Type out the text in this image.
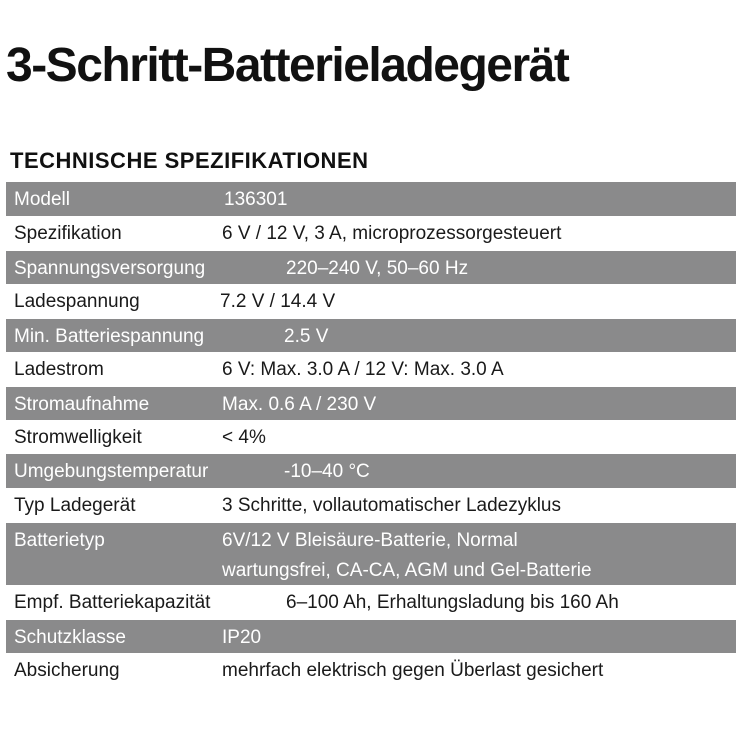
3-Schritt-Batterieladegerät
TECHNISCHE SPEZIFIKATIONEN
Modell	136301
Spezifikation	6 V / 12 V, 3 A, microprozessorgesteuert
Spannungsversorgung	220–240 V, 50–60 Hz
Ladespannung	7.2 V / 14.4 V
Min. Batteriespannung	2.5 V
Ladestrom	6 V: Max. 3.0 A / 12 V: Max. 3.0 A
Stromaufnahme	Max. 0.6 A / 230 V
Stromwelligkeit	< 4%
Umgebungstemperatur	-10–40 °C
Typ Ladegerät	3 Schritte, vollautomatischer Ladezyklus
Batterietyp	6V/12 V Bleisäure-Batterie, Normal
wartungsfrei, CA-CA, AGM und Gel-Batterie
Empf. Batteriekapazität	6–100 Ah, Erhaltungsladung bis 160 Ah
Schutzklasse	IP20
Absicherung	mehrfach elektrisch gegen Überlast gesichert
